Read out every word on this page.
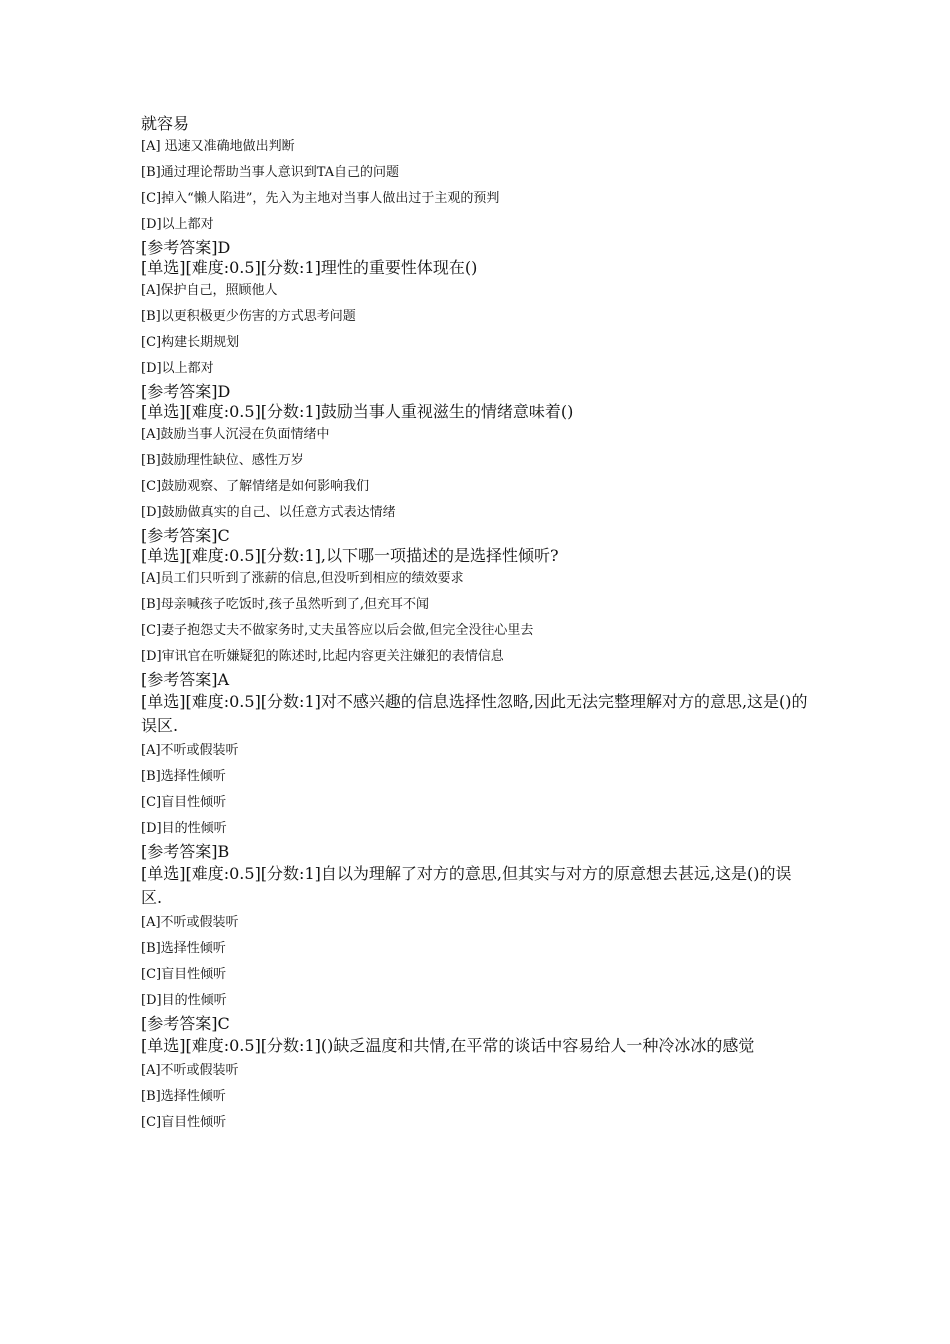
就容易

[A] 迅速又准确地做出判断

[B]通过理论帮助当事人意识到TA自己的问题

[C]掉入“懒人陷进”，先入为主地对当事人做出过于主观的预判

[D]以上都对

[参考答案]D

[单选][难度:0.5][分数:1]理性的重要性体现在()

[A]保护自己，照顾他人

[B]以更积极更少伤害的方式思考问题

[C]构建长期规划

[D]以上都对

[参考答案]D

[单选][难度:0.5][分数:1]鼓励当事人重视滋生的情绪意味着()

[A]鼓励当事人沉浸在负面情绪中

[B]鼓励理性缺位、感性万岁

[C]鼓励观察、了解情绪是如何影响我们

[D]鼓励做真实的自己、以任意方式表达情绪

[参考答案]C

[单选][难度:0.5][分数:1],以下哪一项描述的是选择性倾听?

[A]员工们只听到了涨薪的信息,但没听到相应的绩效要求

[B]母亲喊孩子吃饭时,孩子虽然听到了,但充耳不闻

[C]妻子抱怨丈夫不做家务时,丈夫虽答应以后会做,但完全没往心里去

[D]审讯官在听嫌疑犯的陈述时,比起内容更关注嫌犯的表情信息

[参考答案]A

[单选][难度:0.5][分数:1]对不感兴趣的信息选择性忽略,因此无法完整理解对方的意思,这是()的误区.

[A]不听或假装听

[B]选择性倾听

[C]盲目性倾听

[D]目的性倾听

[参考答案]B

[单选][难度:0.5][分数:1]自以为理解了对方的意思,但其实与对方的原意想去甚远,这是()的误区.

[A]不听或假装听

[B]选择性倾听

[C]盲目性倾听

[D]目的性倾听

[参考答案]C

[单选][难度:0.5][分数:1]()缺乏温度和共情,在平常的谈话中容易给人一种冷冰冰的感觉

[A]不听或假装听

[B]选择性倾听

[C]盲目性倾听
